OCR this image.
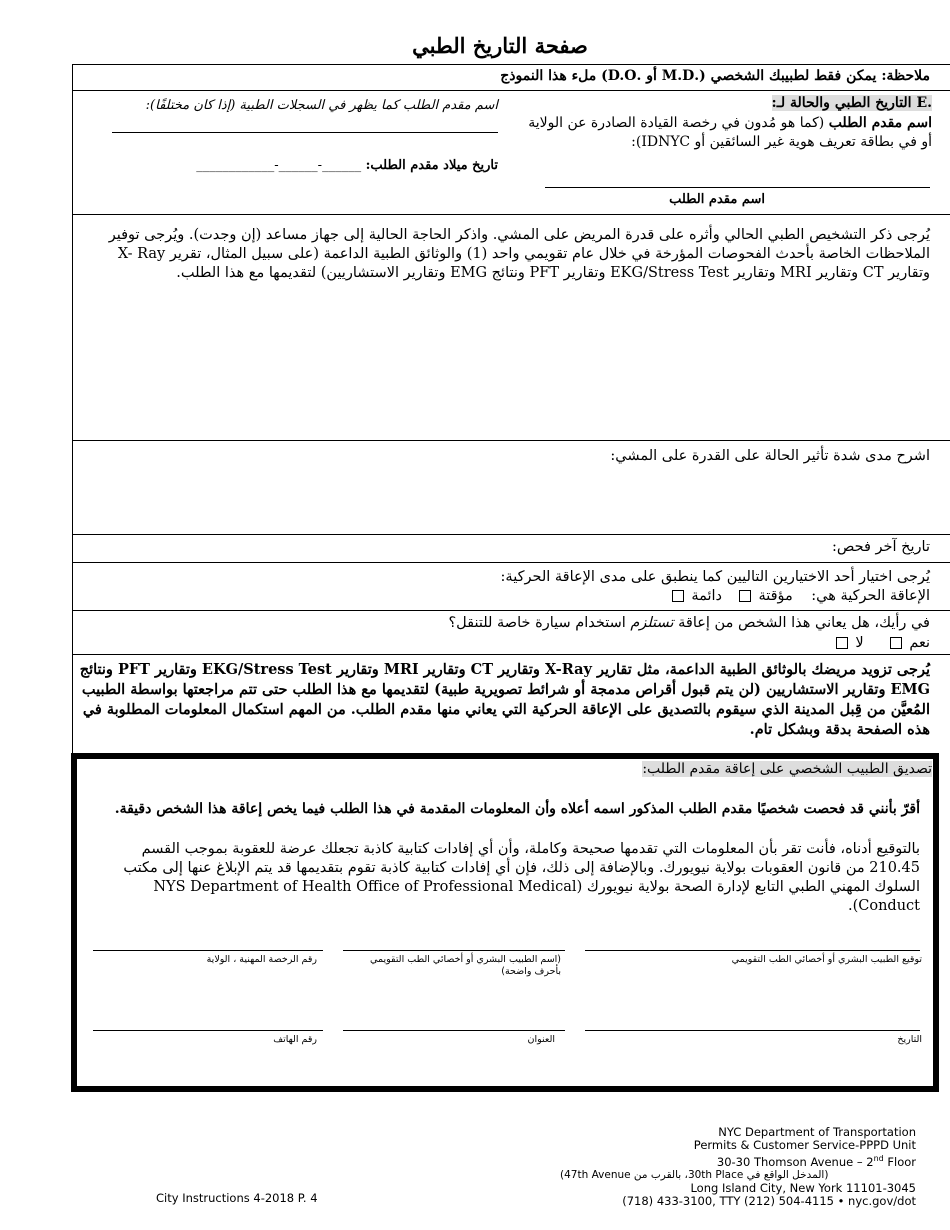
صفحة التاريخ الطبي
ملاحظة: يمكن فقط لطبيبك الشخصي (.M.D أو .D.O) ملء هذا النموذج
.E التاريخ الطبي والحالة لـ:
اسم مقدم الطلب (كما هو مُدون في رخصة القيادة الصادرة عن الولاية أو في بطاقة تعريف هوية غير السائقين أو IDNYC):
اسم مقدم الطلب
اسم مقدم الطلب كما يظهر في السجلات الطبية (إذا كان مختلفًا):
تاريخ ميلاد مقدم الطلب: ______-______-____________
يُرجى ذكر التشخيص الطبي الحالي وأثره على قدرة المريض على المشي. واذكر الحاجة الحالية إلى جهاز مساعد (إن وجدت). ويُرجى توفير الملاحظات الخاصة بأحدث الفحوصات المؤرخة في خلال عام تقويمي واحد (1) والوثائق الطبية الداعمة (على سبيل المثال، تقرير X- Ray وتقارير CT وتقارير MRI وتقارير EKG/Stress Test وتقارير PFT ونتائج EMG وتقارير الاستشاريين) لتقديمها مع هذا الطلب.
اشرح مدى شدة تأثير الحالة على القدرة على المشي:
تاريخ آخر فحص:
يُرجى اختيار أحد الاختيارين التاليين كما ينطبق على مدى الإعاقة الحركية:
الإعاقة الحركية هي:    مؤقتة    دائمة
في رأيك، هل يعاني هذا الشخص من إعاقة تستلزم استخدام سيارة خاصة للتنقل؟
نعم      لا
يُرجى تزويد مريضك بالوثائق الطبية الداعمة، مثل تقارير X-Ray وتقارير CT وتقارير MRI وتقارير EKG/Stress Test وتقارير PFT ونتائج EMG وتقارير الاستشاريين (لن يتم قبول أقراص مدمجة أو شرائط تصويرية طبية) لتقديمها مع هذا الطلب حتى تتم مراجعتها بواسطة الطبيب المُعيَّن من قِبل المدينة الذي سيقوم بالتصديق على الإعاقة الحركية التي يعاني منها مقدم الطلب. من المهم استكمال المعلومات المطلوبة في هذه الصفحة بدقة وبشكل تام.
تصديق الطبيب الشخصي على إعاقة مقدم الطلب:
أقرّ بأنني قد فحصت شخصيًا مقدم الطلب المذكور اسمه أعلاه وأن المعلومات المقدمة في هذا الطلب فيما يخص إعاقة هذا الشخص دقيقة.
بالتوقيع أدناه، فأنت تقر بأن المعلومات التي تقدمها صحيحة وكاملة، وأن أي إفادات كتابية كاذبة تجعلك عرضة للعقوبة بموجب القسم 210.45 من قانون العقوبات بولاية نيويورك. وبالإضافة إلى ذلك، فإن أي إفادات كتابية كاذبة تقوم بتقديمها قد يتم الإبلاغ عنها إلى مكتب السلوك المهني الطبي التابع لإدارة الصحة بولاية نيويورك (NYS Department of Health Office of Professional Medical Conduct).
توقيع الطبيب البشري أو أخصائي الطب التقويمي
(اسم الطبيب البشري أو أخصائي الطب التقويمي بأحرف واضحة)
رقم الرخصة المهنية ، الولاية
التاريخ
العنوان
رقم الهاتف
City Instructions 4-2018 P. 4
NYC Department of Transportation
Permits & Customer Service-PPPD Unit
30-30 Thomson Avenue – 2nd Floor
(المدخل الواقع في 30th Place، بالقرب من 47th Avenue)
Long Island City, New York 11101-3045
(718) 433-3100, TTY (212) 504-4115 • nyc.gov/dot
